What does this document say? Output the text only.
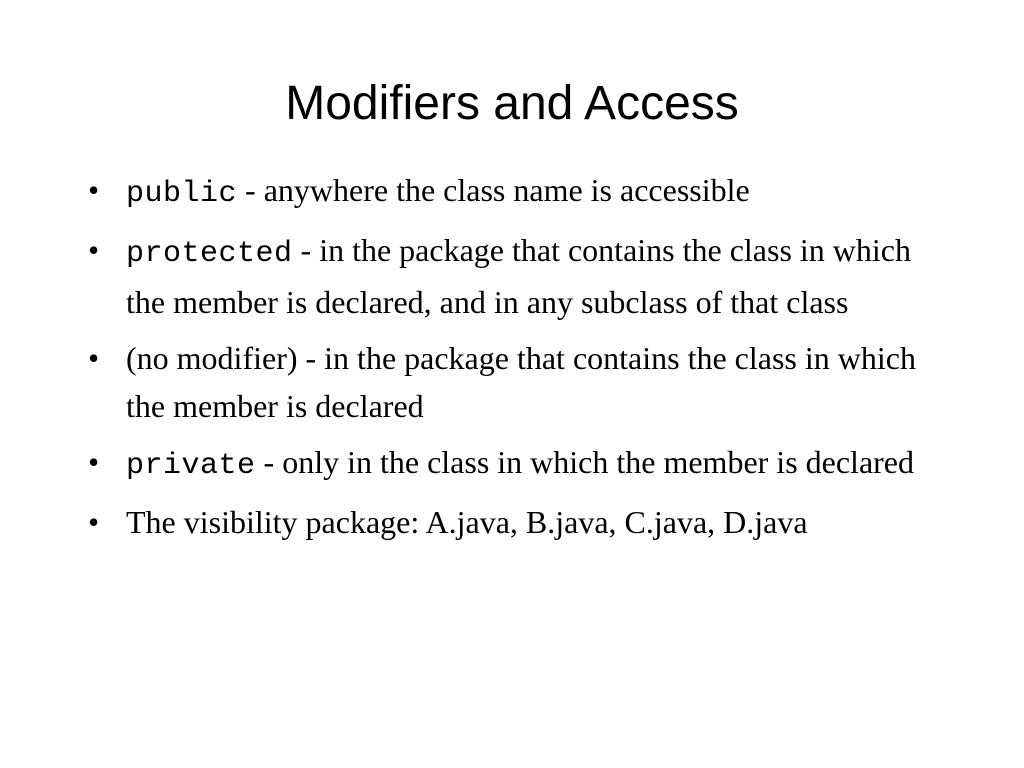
Modifiers and Access
• public - anywhere the class name is accessible
• protected - in the package that contains the class in which the member is declared, and in any subclass of that class
• (no modifier) - in the package that contains the class in which the member is declared
• private - only in the class in which the member is declared
• The visibility package: A.java, B.java, C.java, D.java
